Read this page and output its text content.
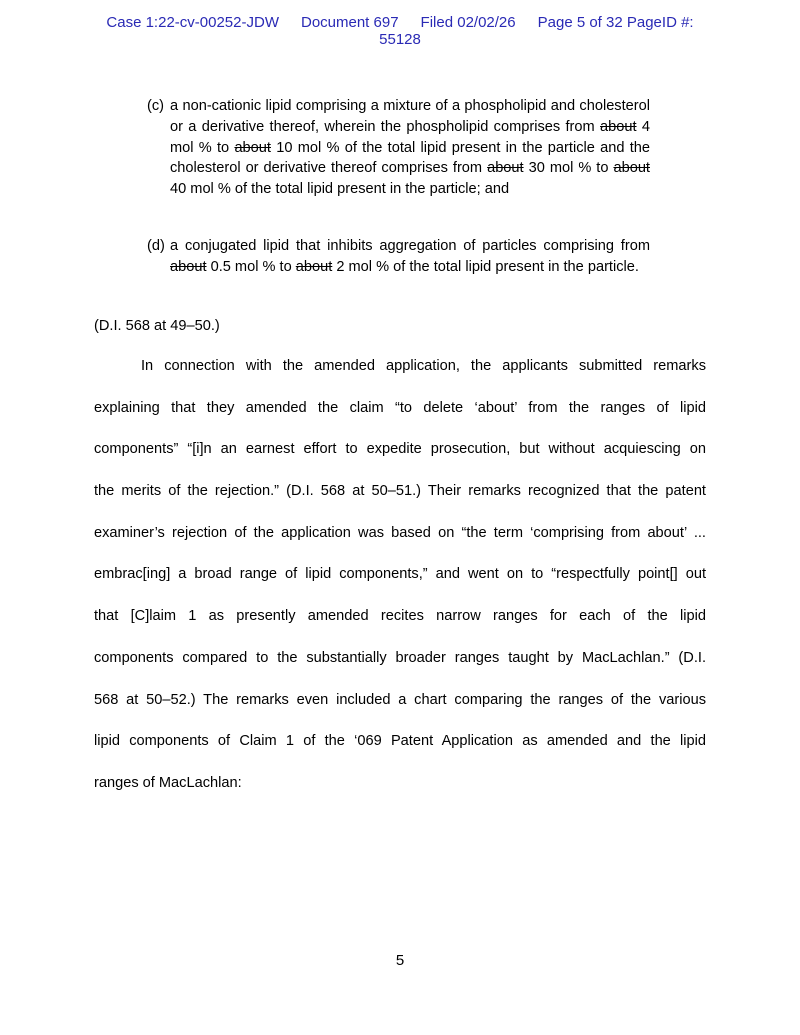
Case 1:22-cv-00252-JDW Document 697 Filed 02/02/26 Page 5 of 32 PageID #:
55128
(c) a non-cationic lipid comprising a mixture of a phospholipid and cholesterol or a derivative thereof, wherein the phospholipid comprises from about 4 mol % to about 10 mol % of the total lipid present in the particle and the cholesterol or derivative thereof comprises from about 30 mol % to about 40 mol % of the total lipid present in the particle; and
(d) a conjugated lipid that inhibits aggregation of particles comprising from about 0.5 mol % to about 2 mol % of the total lipid present in the particle.
(D.I. 568 at 49–50.)
In connection with the amended application, the applicants submitted remarks
explaining that they amended the claim “to delete ‘about’ from the ranges of lipid
components” “[i]n an earnest effort to expedite prosecution, but without acquiescing on
the merits of the rejection.” (D.I. 568 at 50–51.) Their remarks recognized that the patent
examiner’s rejection of the application was based on “the term ‘comprising from about’ ...
embrac[ing] a broad range of lipid components,” and went on to “respectfully point[] out
that [C]laim 1 as presently amended recites narrow ranges for each of the lipid
components compared to the substantially broader ranges taught by MacLachlan.” (D.I.
568 at 50–52.) The remarks even included a chart comparing the ranges of the various
lipid components of Claim 1 of the ‘069 Patent Application as amended and the lipid
ranges of MacLachlan:
5
